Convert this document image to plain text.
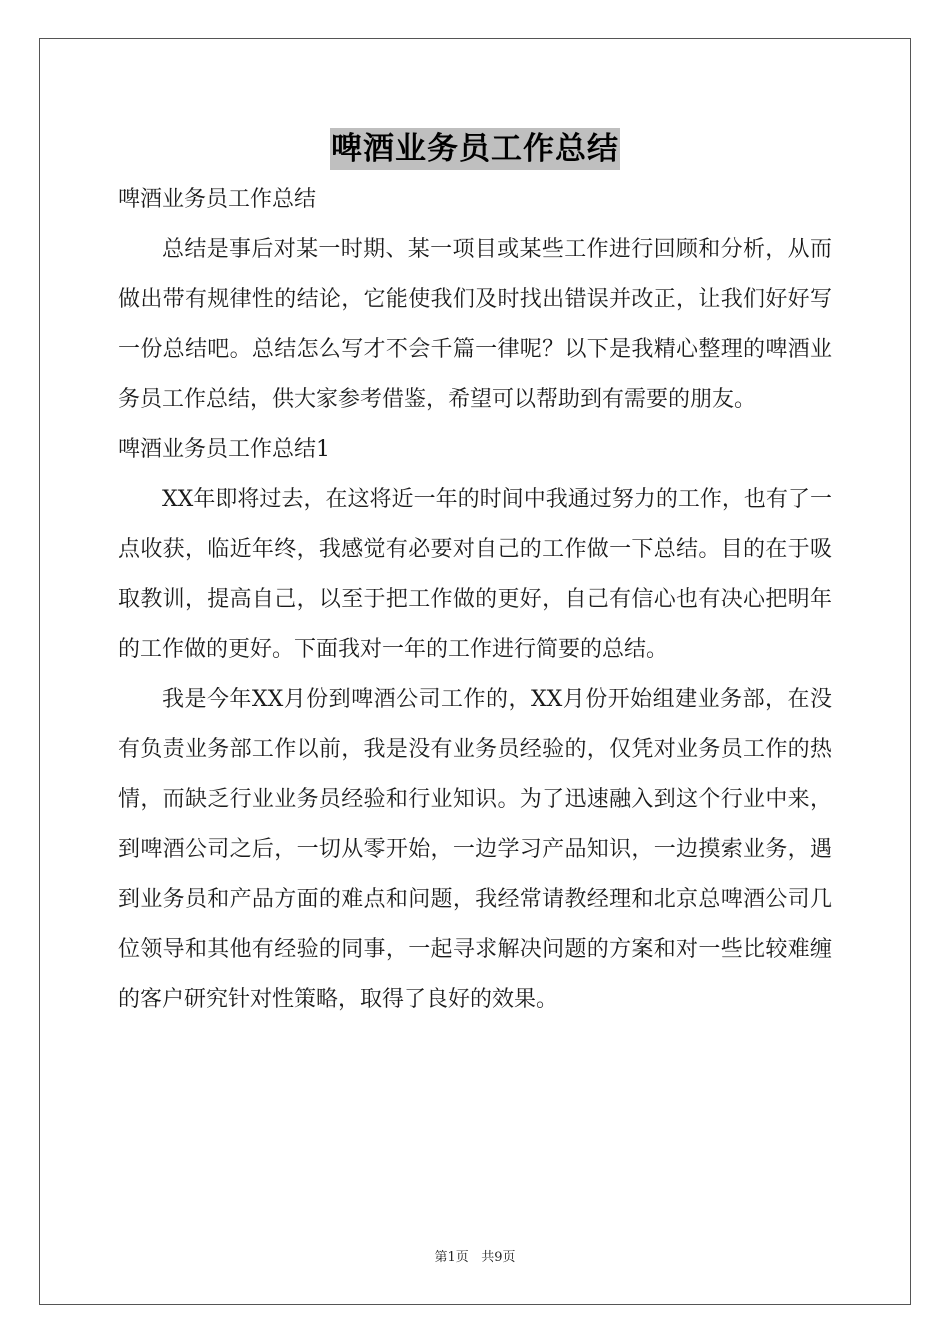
啤酒业务员工作总结

啤酒业务员工作总结

总结是事后对某一时期、某一项目或某些工作进行回顾和分析，从而做出带有规律性的结论，它能使我们及时找出错误并改正，让我们好好写一份总结吧。总结怎么写才不会千篇一律呢？以下是我精心整理的啤酒业务员工作总结，供大家参考借鉴，希望可以帮助到有需要的朋友。

啤酒业务员工作总结1

XX年即将过去，在这将近一年的时间中我通过努力的工作，也有了一点收获，临近年终，我感觉有必要对自己的工作做一下总结。目的在于吸取教训，提高自己，以至于把工作做的更好，自己有信心也有决心把明年的工作做的更好。下面我对一年的工作进行简要的总结。

我是今年XX月份到啤酒公司工作的，XX月份开始组建业务部，在没有负责业务部工作以前，我是没有业务员经验的，仅凭对业务员工作的热情，而缺乏行业业务员经验和行业知识。为了迅速融入到这个行业中来，到啤酒公司之后，一切从零开始，一边学习产品知识，一边摸索业务，遇到业务员和产品方面的难点和问题，我经常请教经理和北京总啤酒公司几位领导和其他有经验的同事，一起寻求解决问题的方案和对一些比较难缠的客户研究针对性策略，取得了良好的效果。

第1页 共9页
